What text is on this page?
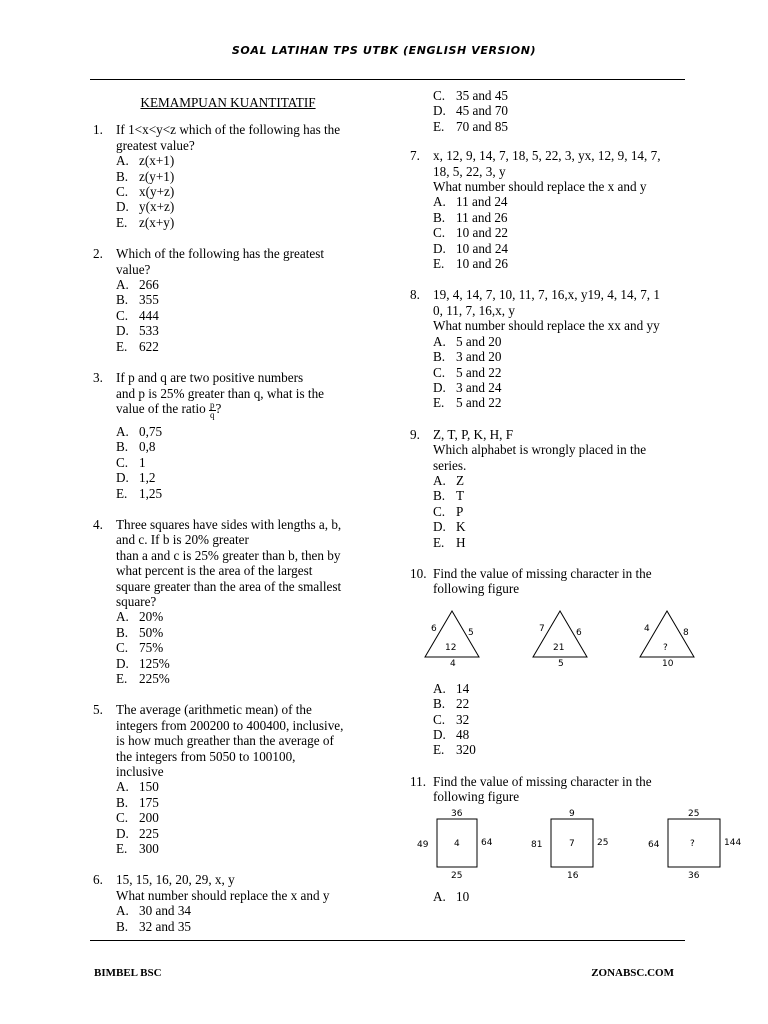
SOAL LATIHAN TPS UTBK (ENGLISH VERSION)
KEMAMPUAN KUANTITATIF
1. If 1<x<y<z which of the following has the
greatest value?
A. z(x+1)
B. z(y+1)
C. x(y+z)
D. y(x+z)
E. z(x+y)
2. Which of the following has the greatest
value?
A. 266
B. 355
C. 444
D. 533
E. 622
3. If p and q are two positive numbers
and p is 25% greater than q, what is the
value of the ratio $\frac{p}{q}$ ?
A. 0,75
B. 0,8
C. 1
D. 1,2
E. 1,25
4. Three squares have sides with lengths a, b,
and c. If b is 20% greater
than a and c is 25% greater than b, then by
what percent is the area of the largest
square greater than the area of the smallest
square?
A. 20%
B. 50%
C. 75%
D. 125%
E. 225%
5. The average (arithmetic mean) of the
integers from 200200 to 400400, inclusive,
is how much greather than the average of
the integers from 5050 to 100100,
inclusive
A. 150
B. 175
C. 200
D. 225
E. 300
6. 15, 15, 16, 20, 29, x, y
What number should replace the x and y
A. 30 and 34
B. 32 and 35
C. 35 and 45
D. 45 and 70
E. 70 and 85
7. x, 12, 9, 14, 7, 18, 5, 22, 3, yx, 12, 9, 14, 7,
18, 5, 22, 3, y
What number should replace the x and y
A. 11 and 24
B. 11 and 26
C. 10 and 22
D. 10 and 24
E. 10 and 26
8. 19, 4, 14, 7, 10, 11, 7, 16,x, y19, 4, 14, 7, 1
0, 11, 7, 16,x, y
What number should replace the xx and yy
A. 5 and 20
B. 3 and 20
C. 5 and 22
D. 3 and 24
E. 5 and 22
9. Z, T, P, K, H, F
Which alphabet is wrongly placed in the
series.
A. Z
B. T
C. P
D. K
E. H
10. Find the value of missing character in the
following figure
6	5
4
12
7	6
5
21
4	8
10
?
A. 14
B. 22
C. 32
D. 48
E. 320
11. Find the value of missing character in the
following figure
36
49	64
25
4
9
81	25
16
7
25
64	144
36
?
A. 10
BIMBEL BSC	ZONABSC.COM
